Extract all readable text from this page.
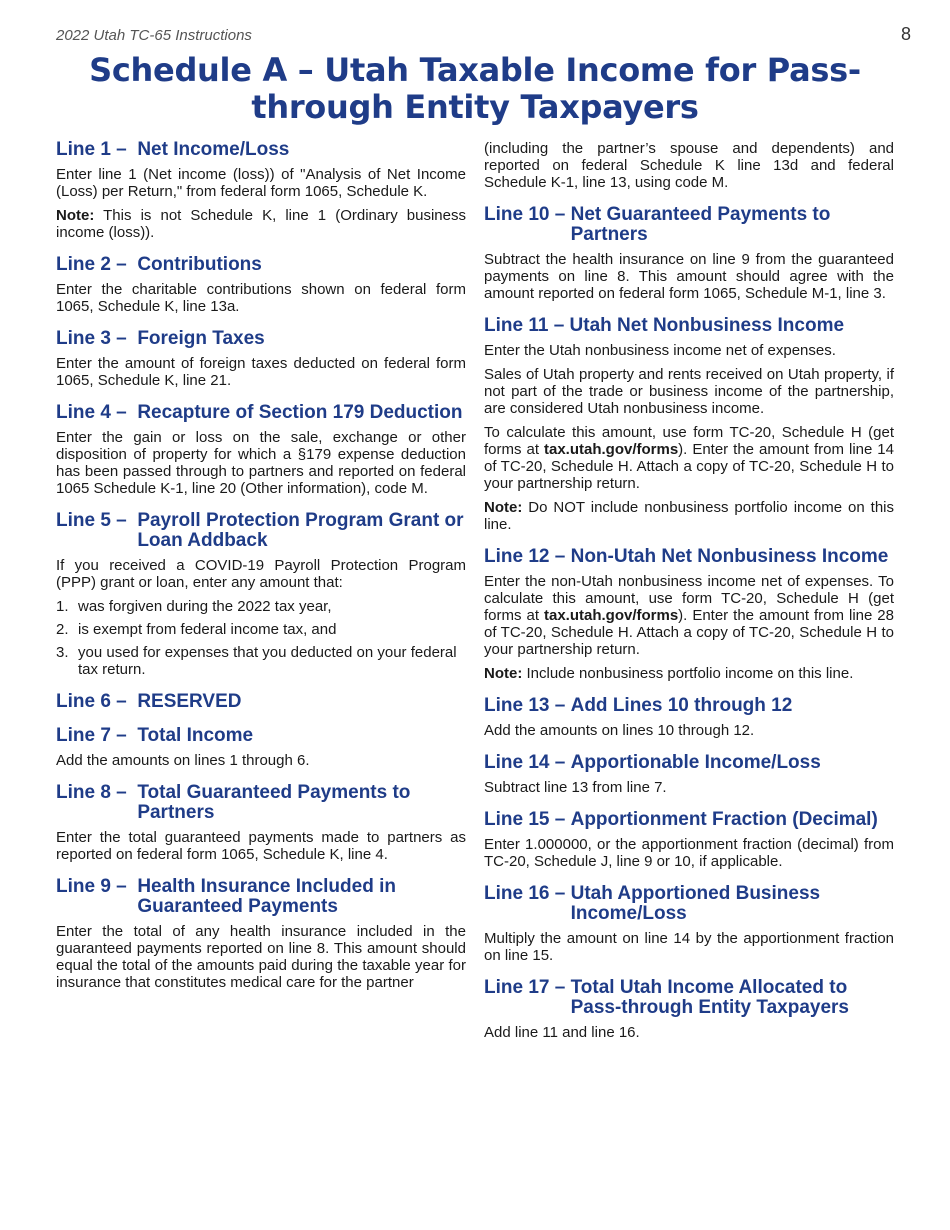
2022 Utah TC-65 Instructions	8
Schedule A – Utah Taxable Income for Pass-
through Entity Taxpayers
Line 1 – Net Income/Loss

Enter line 1 (Net income (loss)) of "Analysis of Net Income (Loss) per Return," from federal form 1065, Schedule K.

Note: This is not Schedule K, line 1 (Ordinary business income (loss)).

Line 2 – Contributions

Enter the charitable contributions shown on federal form 1065, Schedule K, line 13a.

Line 3 – Foreign Taxes

Enter the amount of foreign taxes deducted on federal form 1065, Schedule K, line 21.

Line 4 – Recapture of Section 179 Deduction

Enter the gain or loss on the sale, exchange or other disposition of property for which a §179 expense deduction has been passed through to partners and reported on federal 1065 Schedule K-1, line 20 (Other information), code M.

Line 5 – Payroll Protection Program Grant or Loan Addback

If you received a COVID-19 Payroll Protection Program (PPP) grant or loan, enter any amount that:

1. was forgiven during the 2022 tax year,
2. is exempt from federal income tax, and
3. you used for expenses that you deducted on your federal tax return.
Line 6 – RESERVED
Line 7 – Total Income

Add the amounts on lines 1 through 6.

Line 8 – Total Guaranteed Payments to Partners

Enter the total guaranteed payments made to partners as reported on federal form 1065, Schedule K, line 4.

Line 9 – Health Insurance Included in Guaranteed Payments

Enter the total of any health insurance included in the guaranteed payments reported on line 8. This amount should equal the total of the amounts paid during the taxable year for insurance that constitutes medical care for the partner

(including the partner’s spouse and dependents) and reported on federal Schedule K line 13d and federal Schedule K-1, line 13, using code M.

Line 10 – Net Guaranteed Payments to Partners

Subtract the health insurance on line 9 from the guaranteed payments on line 8. This amount should agree with the amount reported on federal form 1065, Schedule M-1, line 3.

Line 11 – Utah Net Nonbusiness Income

Enter the Utah nonbusiness income net of expenses.

Sales of Utah property and rents received on Utah property, if not part of the trade or business income of the partnership, are considered Utah nonbusiness income.

To calculate this amount, use form TC-20, Schedule H (get forms at tax.utah.gov/forms). Enter the amount from line 14 of TC-20, Schedule H. Attach a copy of TC-20, Schedule H to your partnership return.

Note: Do NOT include nonbusiness portfolio income on this line.

Line 12 – Non-Utah Net Nonbusiness Income

Enter the non-Utah nonbusiness income net of expenses. To calculate this amount, use form TC-20, Schedule H (get forms at tax.utah.gov/forms). Enter the amount from line 28 of TC-20, Schedule H. Attach a copy of TC-20, Schedule H to your partnership return.

Note: Include nonbusiness portfolio income on this line.

Line 13 – Add Lines 10 through 12

Add the amounts on lines 10 through 12.

Line 14 – Apportionable Income/Loss

Subtract line 13 from line 7.

Line 15 – Apportionment Fraction (Decimal)

Enter 1.000000, or the apportionment fraction (decimal) from TC-20, Schedule J, line 9 or 10, if applicable.

Line 16 – Utah Apportioned Business Income/Loss

Multiply the amount on line 14 by the apportionment fraction on line 15.

Line 17 – Total Utah Income Allocated to Pass-through Entity Taxpayers

Add line 11 and line 16.
